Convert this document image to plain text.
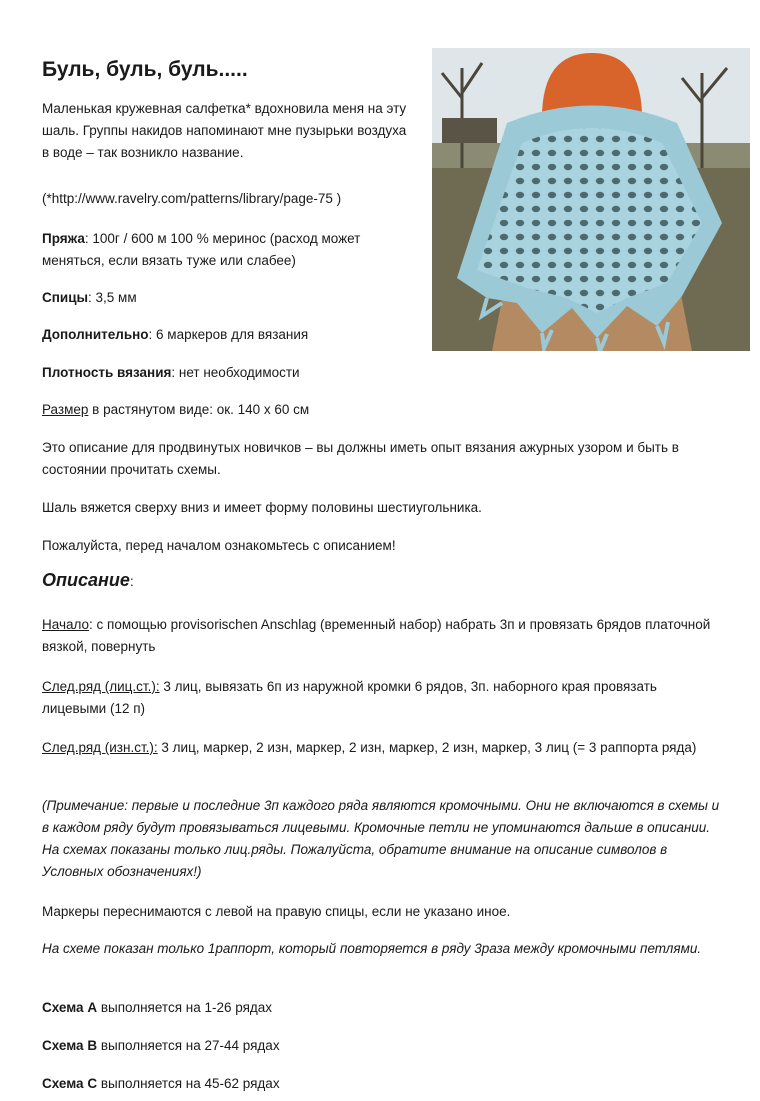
Буль, буль, буль.....

Маленькая кружевная салфетка* вдохновила меня на эту шаль. Группы накидов напоминают мне пузырьки воздуха в воде – так возникло название.

(*http://www.ravelry.com/patterns/library/page-75 )

Пряжа: 100г / 600 м 100 % меринос (расход может меняться, если вязать туже или слабее)

Спицы: 3,5 мм

Дополнительно: 6 маркеров для вязания

Плотность вязания: нет необходимости

Размер в растянутом виде: ок. 140 х 60 см

Это описание для продвинутых новичков – вы должны иметь опыт вязания ажурных узором и быть в состоянии прочитать схемы.

Шаль вяжется сверху вниз и имеет форму половины шестиугольника.

Пожалуйста, перед началом ознакомьтесь с описанием!

Описание:

Начало: с помощью provisorischen Anschlag (временный набор) набрать 3п и провязать 6рядов платочной вязкой, повернуть

След.ряд (лиц.ст.): 3 лиц, вывязать 6п из наружной кромки 6 рядов, 3п. наборного края провязать лицевыми (12 п)

След.ряд (изн.ст.): 3 лиц, маркер, 2 изн, маркер, 2 изн, маркер, 2 изн, маркер, 3 лиц (= 3 раппорта ряда)

(Примечание: первые и последние 3п каждого ряда являются кромочными. Они не включаются в схемы и в каждом ряду будут провязываться лицевыми. Кромочные петли не упоминаются дальше в описании. На схемах показаны только лиц.ряды. Пожалуйста, обратите внимание на описание символов в Условных обозначениях!)

Маркеры переснимаются с левой на правую спицы, если не указано иное.

На схеме показан только 1раппорт, который повторяется в ряду 3раза между кромочными петлями.

Схема А выполняется на 1-26 рядах

Схема В выполняется на 27-44 рядах

Схема С выполняется на 45-62 рядах
